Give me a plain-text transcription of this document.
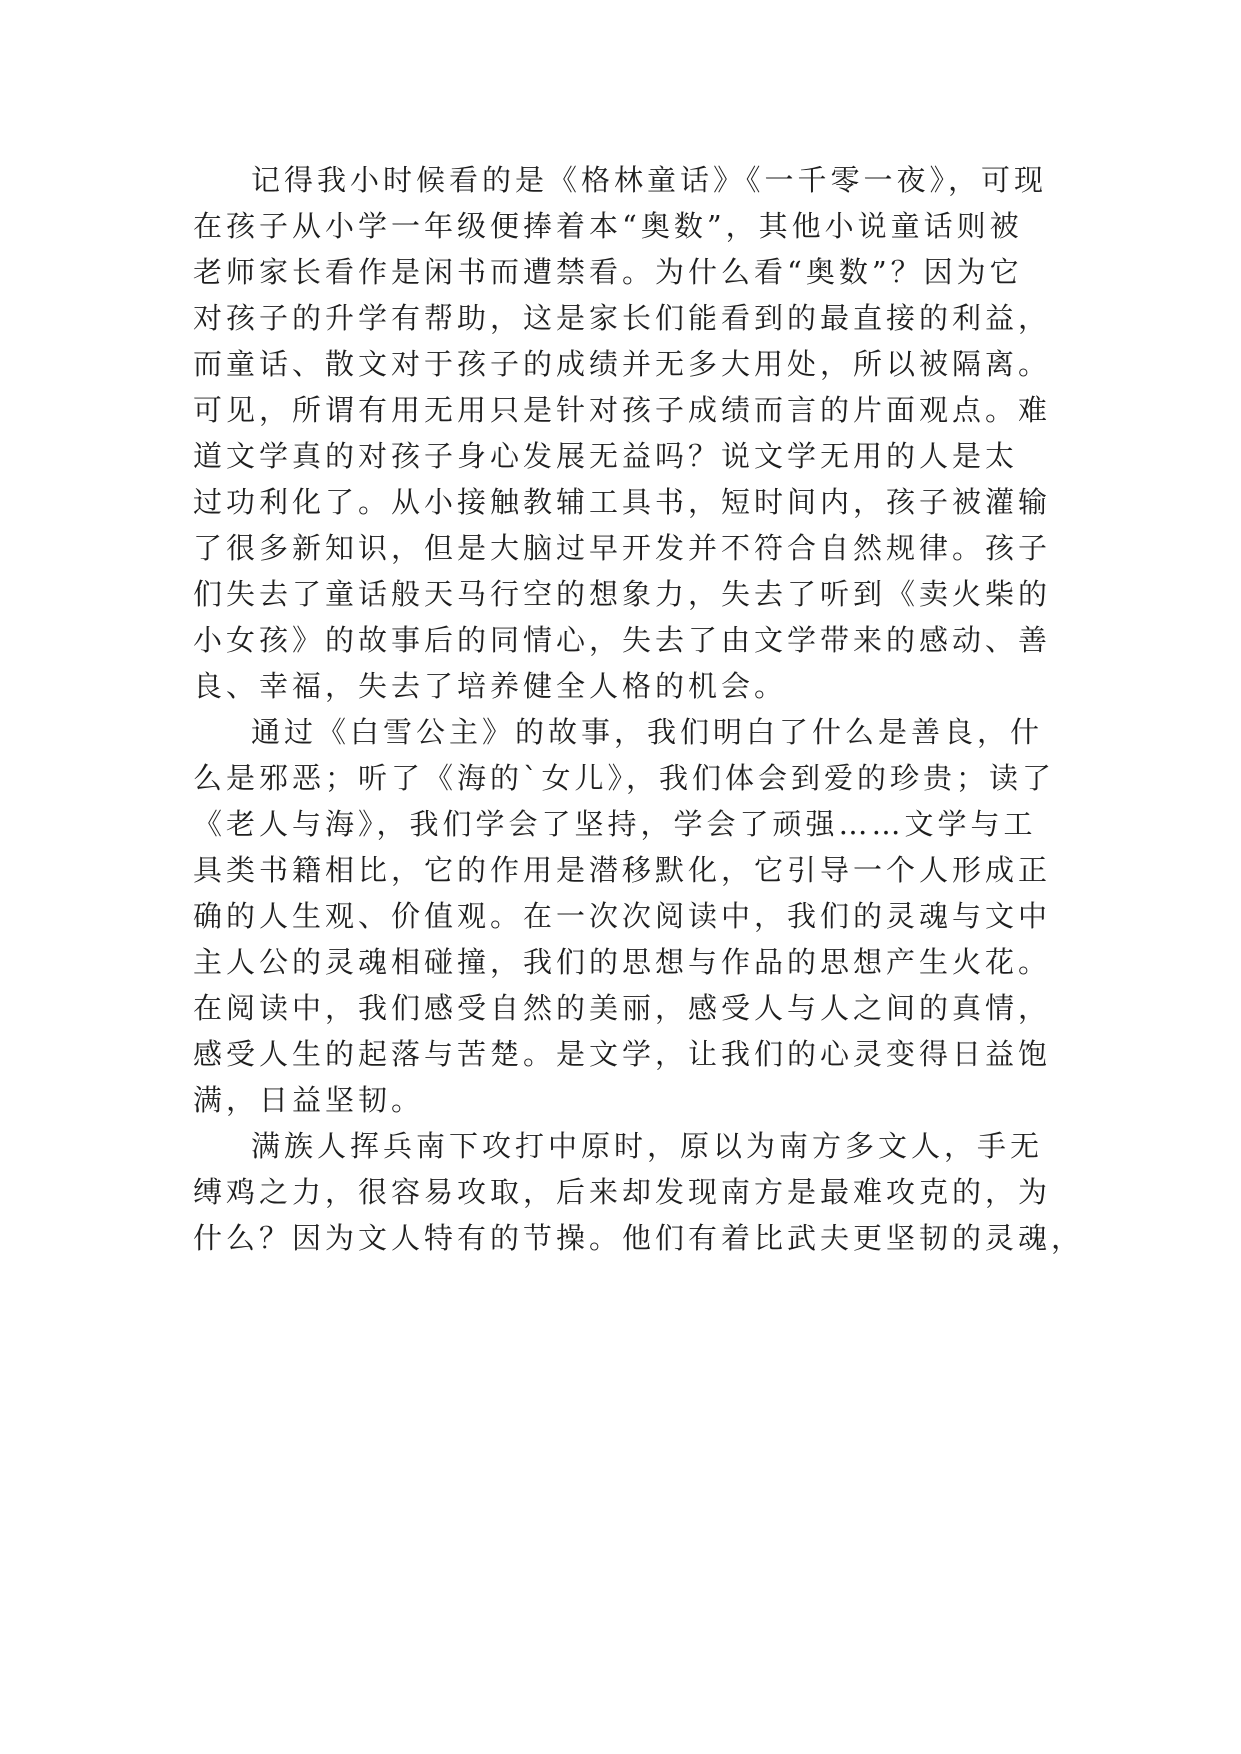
记得我小时候看的是《格林童话》《一千零一夜》，可现
在孩子从小学一年级便捧着本“奥数”，其他小说童话则被
老师家长看作是闲书而遭禁看。为什么看“奥数”？因为它
对孩子的升学有帮助，这是家长们能看到的最直接的利益，
而童话、散文对于孩子的成绩并无多大用处，所以被隔离。
可见，所谓有用无用只是针对孩子成绩而言的片面观点。难
道文学真的对孩子身心发展无益吗？说文学无用的人是太
过功利化了。从小接触教辅工具书，短时间内，孩子被灌输
了很多新知识，但是大脑过早开发并不符合自然规律。孩子
们失去了童话般天马行空的想象力，失去了听到《卖火柴的
小女孩》的故事后的同情心，失去了由文学带来的感动、善
良、幸福，失去了培养健全人格的机会。
通过《白雪公主》的故事，我们明白了什么是善良，什
么是邪恶；听了《海的`女儿》，我们体会到爱的珍贵；读了
《老人与海》，我们学会了坚持，学会了顽强……文学与工
具类书籍相比，它的作用是潜移默化，它引导一个人形成正
确的人生观、价值观。在一次次阅读中，我们的灵魂与文中
主人公的灵魂相碰撞，我们的思想与作品的思想产生火花。
在阅读中，我们感受自然的美丽，感受人与人之间的真情，
感受人生的起落与苦楚。是文学，让我们的心灵变得日益饱
满，日益坚韧。
满族人挥兵南下攻打中原时，原以为南方多文人，手无
缚鸡之力，很容易攻取，后来却发现南方是最难攻克的，为
什么？因为文人特有的节操。他们有着比武夫更坚韧的灵魂，
